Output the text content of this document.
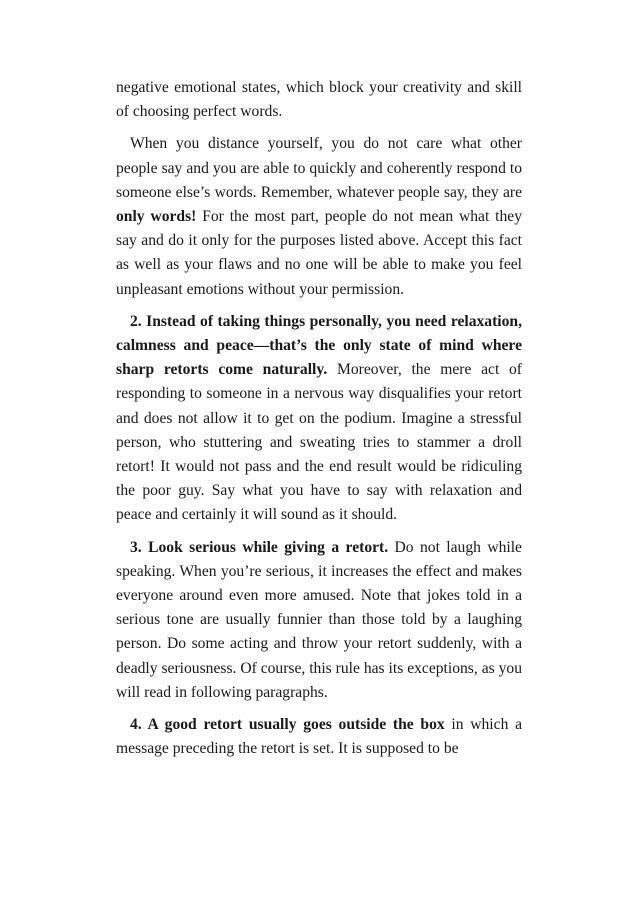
negative emotional states, which block your creativity and skill of choosing perfect words.

When you distance yourself, you do not care what other people say and you are able to quickly and coherently respond to someone else’s words. Remember, whatever people say, they are only words! For the most part, people do not mean what they say and do it only for the purposes listed above. Accept this fact as well as your flaws and no one will be able to make you feel unpleasant emotions without your permission.

2. Instead of taking things personally, you need relaxation, calmness and peace—that’s the only state of mind where sharp retorts come naturally. Moreover, the mere act of responding to someone in a nervous way disqualifies your retort and does not allow it to get on the podium. Imagine a stressful person, who stuttering and sweating tries to stammer a droll retort! It would not pass and the end result would be ridiculing the poor guy. Say what you have to say with relaxation and peace and certainly it will sound as it should.

3. Look serious while giving a retort. Do not laugh while speaking. When you’re serious, it increases the effect and makes everyone around even more amused. Note that jokes told in a serious tone are usually funnier than those told by a laughing person. Do some acting and throw your retort suddenly, with a deadly seriousness. Of course, this rule has its exceptions, as you will read in following paragraphs.

4. A good retort usually goes outside the box in which a message preceding the retort is set. It is supposed to be
